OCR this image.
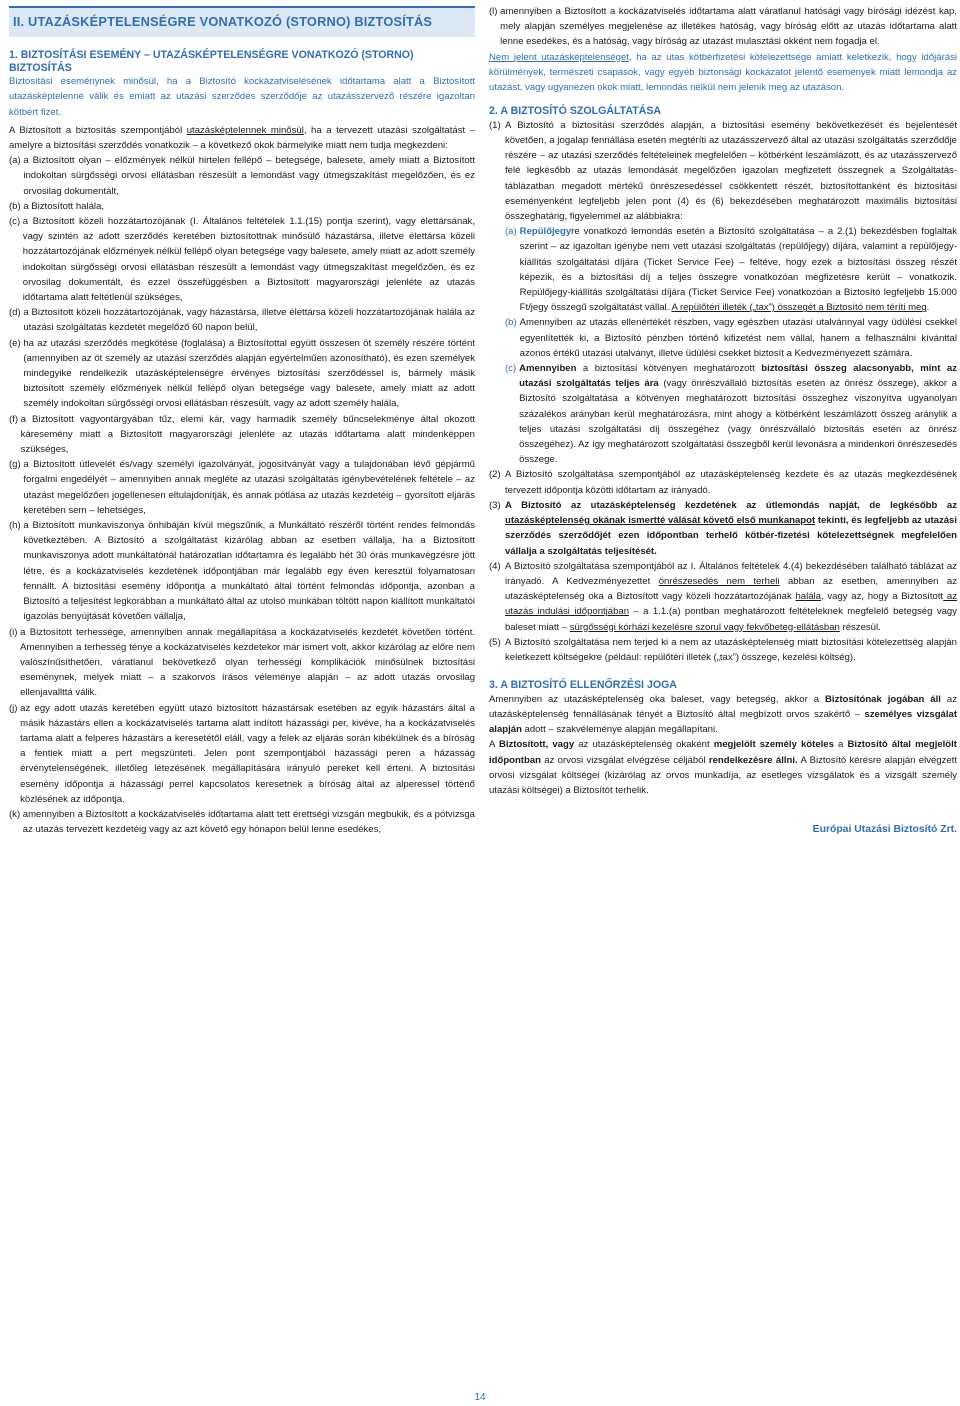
II. UTAZÁSKÉPTELENSÉGRE VONATKOZÓ (STORNO) BIZTOSÍTÁS
1. BIZTOSÍTÁSI ESEMÉNY – UTAZÁSKÉPTELENSÉGRE VONATKOZÓ (STORNO) BIZTOSÍTÁS

Biztosítási eseménynek minősül, ha a Biztosító kockázatviselésének időtartama alatt a Biztosított utazásképtelenné válik és emiatt az utazási szerződés szerződője az utazásszervező részére igazoltan kötbért fizet.

A Biztosított a biztosítás szempontjából utazásképtelennek minősül, ha a tervezett utazási szolgáltatást – amelyre a biztosítási szerződés vonatkozik – a következő okok bármelyike miatt nem tudja megkezdeni:

(a) a Biztosított olyan – előzmények nélkül hirtelen fellépő – betegsége, balesete, amely miatt a Biztosított indokoltan sürgősségi orvosi ellátásban részesült a lemondást vagy útmegszakítást megelőzően, és ez orvosilag dokumentált,
(b) a Biztosított halála,
(c) a Biztosított közeli hozzátartozójának (I. Általános feltételek 1.1.(15) pontja szerint), vagy élettársának, vagy szintén az adott szerződés keretében biztosítottnak minősülő házastársa, illetve élettársa közeli hozzátartozójának előzmények nélkül fellépő olyan betegsége vagy balesete, amely miatt az adott személy indokoltan sürgősségi orvosi ellátásban részesült a lemondást vagy útmegszakítást megelőzően, és ez orvosilag dokumentált, és ezzel összefüggésben a Biztosított magyarországi jelenléte az utazás időtartama alatt feltétlenül szükséges,
(d) a Biztosított közeli hozzátartozójának, vagy házastársa, illetve élettársa közeli hozzátartozójának halála az utazási szolgáltatás kezdetét megelőző 60 napon belül,
(e) ha az utazási szerződés megkötése (foglalása) a Biztosítottal együtt összesen öt személy részére történt (amennyiben az öt személy az utazási szerződés alapján egyértelműen azonosítható), és ezen személyek mindegyike rendelkezik utazásképtelenségre érvényes biztosítási szerződéssel is, bármely másik biztosított személy előzmények nélkül fellépő olyan betegsége vagy balesete, amely miatt az adott személy indokoltan sürgősségi orvosi ellátásban részesült, vagy az adott személy halála,
(f) a Biztosított vagyontárgyában tűz, elemi kár, vagy harmadik személy bűncselekménye által okozott káresemény miatt a Biztosított magyarországi jelenléte az utazás időtartama alatt mindenképpen szükséges,
(g) a Biztosított útlevelét és/vagy személyi igazolványát, jogosítványát vagy a tulajdonában lévő gépjármű forgalmi engedélyét – amennyiben annak megléte az utazási szolgáltatás igénybevételének feltétele – az utazást megelőzően jogellenesen eltulajdonítják, és annak pótlása az utazás kezdetéig – gyorsított eljárás keretében sem – lehetséges,
(h) a Biztosított munkaviszonya önhibáján kívül megszűnik, a Munkáltató részéről történt rendes felmondás következtében. A Biztosító a szolgáltatást kizárólag abban az esetben vállalja, ha a Biztosított munkaviszonya adott munkáltatónál határozatlan időtartamra és legalább hét 30 órás munkavégzésre jött létre, és a kockázatviselés kezdetének időpontjában már legalább egy éven keresztül folyamatosan fennállt. A biztosítási esemény időpontja a munkáltató által történt felmondás időpontja, azonban a Biztosító a teljesítést legkorábban a munkáltató által az utolsó munkában töltött napon kiállított munkáltatói igazolás benyújtását követően vállalja,
(i) a Biztosított terhessége, amennyiben annak megállapítása a kockázatviselés kezdetét követően történt. Amennyiben a terhesség ténye a kockázatviselés kezdetekor már ismert volt, akkor kizárólag az előre nem valószínűsíthetően, váratlanul bekövetkező olyan terhességi komplikációk minősülnek biztosítási eseménynek, melyek miatt – a szakorvos írásos véleménye alapján – az adott utazás orvosilag ellenjavallttá válik.
(j) az egy adott utazás keretében együtt utazó biztosított házastársak esetében az egyik házastárs által a másik házastárs ellen a kockázatviselés tartama alatt indított házassági per, kivéve, ha a kockázatviselés tartama alatt a felperes házastárs a keresetétől eláll, vagy a felek az eljárás során kibékülnek és a bíróság a fentiek miatt a pert megszünteti. Jelen pont szempontjából házassági peren a házasság érvénytelenségének, illetőleg létezésének megállapítására irányuló pereket kell érteni. A biztosítási esemény időpontja a házassági perrel kapcsolatos keresetnek a bíróság által az alperessel történő közlésének az időpontja.
(k) amennyiben a Biztosított a kockázatviselés időtartama alatt tett érettségi vizsgán megbukik, és a pótvizsga az utazás tervezett kezdetéig vagy az azt követő egy hónapon belül lenne esedékes,
(l) amennyiben a Biztosított a kockázatviselés időtartama alatt váratlanul hatósági vagy bírósági idézést kap, mely alapján személyes megjelenése az illetékes hatóság, vagy bíróság előtt az utazás időtartama alatt lenne esedékes, és a hatóság, vagy bíróság az utazást mulasztási okként nem fogadja el.

Nem jelent utazásképtelenséget, ha az utas kötbérfizetési kötelezettsége amiatt keletkezik, hogy időjárási körülmények, természeti csapások, vagy egyéb biztonsági kockázatot jelentő események miatt lemondja az utazást, vagy ugyanezen okok miatt, lemondás nélkül nem jelenik meg az utazáson.

2. A BIZTOSÍTÓ SZOLGÁLTATÁSA
(1) A Biztosító a biztosítási szerződés alapján, a biztosítási esemény bekövetkezését és bejelentését követően, a jogalap fennállása esetén megtéríti az utazásszervező által az utazási szolgáltatás szerződője részére – az utazási szerződés feltételeinek megfelelően – kötbérként leszámlázott, és az utazásszervező felé legkésőbb az utazás lemondását megelőzően igazolan megfizetett összegnek a Szolgáltatás-táblázatban megadott mértékű önrészesedéssel csökkentett részét, biztosítottanként és biztosítási eseményenként legfeljebb jelen pont (4) és (6) bekezdésében meghatározott maximális biztosítási összeghatárig, figyelemmel az alábbiakra:
(a) Repülőjegyre vonatkozó lemondás esetén a Biztosító szolgáltatása – a 2.(1) bekezdésben foglaltak szerint – az igazoltan igénybe nem vett utazási szolgáltatás (repülőjegy) díjára, valamint a repülőjegy-kiállítás szolgáltatási díjára (Ticket Service Fee) – feltéve, hogy ezek a biztosítási összeg részét képezik, és a biztosítási díj a teljes összegre vonatkozóan megfizetésre került – vonatkozik. Repülőjegy-kiállítás szolgáltatási díjára (Ticket Service Fee) vonatkozóan a Biztosító legfeljebb 15.000 Ft/jegy összegű szolgáltatást vállal. A repülőtéri illeték („tax”) összegét a Biztosító nem téríti meg.
(b) Amennyiben az utazás ellenértékét részben, vagy egészben utazási utalvánnyal vagy üdülési csekkel egyenlítették ki, a Biztosító pénzben történő kifizetést nem vállal, hanem a felhasználni kívánttal azonos értékű utazási utalványt, illetve üdülési csekket biztosít a Kedvezményezett számára.
(c) Amennyiben a biztosítási kötvényen meghatározott biztosítási összeg alacsonyabb, mint az utazási szolgáltatás teljes ára (vagy önrészvállaló biztosítás esetén az önrész összege), akkor a Biztosító szolgáltatása a kötvényen meghatározott biztosítási összeghez viszonyítva ugyanolyan százalékos arányban kerül meghatározásra, mint ahogy a kötbérként leszámlázott összeg aránylik a teljes utazási szolgáltatási díj összegéhez (vagy önrészvállaló biztosítás esetén az önrész összegéhez). Az így meghatározott szolgáltatási összegből kerül levonásra a mindenkori önrészesedés összege.
(2) A Biztosító szolgáltatása szempontjából az utazásképtelenség kezdete és az utazás megkezdésének tervezett időpontja közötti időtartam az irányadó.
(3) A Biztosító az utazásképtelenség kezdetének az útlemondás napját, de legkésőbb az utazásképtelenség okának ismertté válását követő első munkanapot tekinti, és legfeljebb az utazási szerződés szerződőjét ezen időpontban terhelő kötbér-fizetési kötelezettségnek megfelelően vállalja a szolgáltatás teljesítését.
(4) A Biztosító szolgáltatása szempontjából az I. Általános feltételek 4.(4) bekezdésében található táblázat az irányadó. A Kedvezményezettet önrészesedés nem terheli abban az esetben, amennyiben az utazásképtelenség oka a Biztosított vagy közeli hozzátartozójának halála, vagy az, hogy a Biztosított az utazás indulási időpontjában – a 1.1.(a) pontban meghatározott feltételeknek megfelelő betegség vagy baleset miatt – sürgősségi kórházi kezelésre szorul vagy fekvőbeteg-ellátásban részesül.
(5) A Biztosító szolgáltatása nem terjed ki a nem az utazásképtelenség miatt biztosítási kötelezettség alapján keletkezett költségekre (például: repülőtéri illeték („tax”) összege, kezelési költség).
3. A BIZTOSÍTÓ ELLENŐRZÉSI JOGA

Amennyiben az utazásképtelenség oka baleset, vagy betegség, akkor a Biztosítónak jogában áll az utazásképtelenség fennállásának tényét a Biztosító által megbízott orvos szakértő – személyes vizsgálat alapján adott – szakvéleménye alapján megállapítani.

A Biztosított, vagy az utazásképtelenség okaként megjelölt személy köteles a Biztosító által megjelölt időpontban az orvosi vizsgálat elvégzése céljából rendelkezésre állni. A Biztosító kérésre alapján elvégzett orvosi vizsgálat költségei (kizárólag az orvos munkadíja, az esetleges vizsgálatok és a vizsgált személy utazási költségei) a Biztosítót terhelik.

Európai Utazási Biztosító Zrt.
14
